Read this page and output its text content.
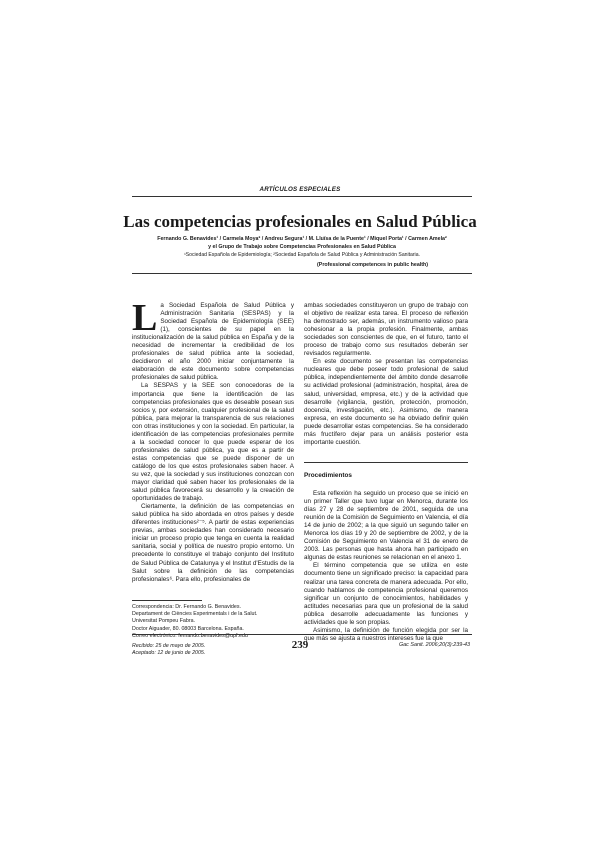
ARTÍCULOS ESPECIALES
Las competencias profesionales en Salud Pública
Fernando G. Benavides¹ / Carmela Moya² / Andreu Segura¹ / M. Lluïsa de la Puente¹ / Miquel Porta¹ / Carmen Amela²
y el Grupo de Trabajo sobre Competencias Profesionales en Salud Pública
¹Sociedad Española de Epidemiología; ²Sociedad Española de Salud Pública y Administración Sanitaria.
(Professional competences in public health)

La Sociedad Española de Salud Pública y Administración Sanitaria (SESPAS) y la Sociedad Española de Epidemiología (SEE) (1), conscientes de su papel en la institucionalización de la salud pública en España y de la necesidad de incrementar la credibilidad de los profesionales de salud pública ante la sociedad, decidieron el año 2000 iniciar conjuntamente la elaboración de este documento sobre competencias profesionales de salud pública.

La SESPAS y la SEE son conocedoras de la importancia que tiene la identificación de las competencias profesionales que es deseable posean sus socios y, por extensión, cualquier profesional de la salud pública, para mejorar la transparencia de sus relaciones con otras instituciones y con la sociedad. En particular, la identificación de las competencias profesionales permite a la sociedad conocer lo que puede esperar de los profesionales de salud pública, ya que es a partir de estas competencias que se puede disponer de un catálogo de los que estos profesionales saben hacer. A su vez, que la sociedad y sus instituciones conozcan con mayor claridad qué saben hacer los profesionales de la salud pública favorecerá su desarrollo y la creación de oportunidades de trabajo.

Ciertamente, la definición de las competencias en salud pública ha sido abordada en otros países y desde diferentes instituciones²⁻⁵. A partir de estas experiencias previas, ambas sociedades han considerado necesario iniciar un proceso propio que tenga en cuenta la realidad sanitaria, social y política de nuestro propio entorno. Un precedente lo constituye el trabajo conjunto del Instituto de Salud Pública de Catalunya y el Institut d'Estudis de la Salut sobre la definición de las competencias profesionales⁶. Para ello, profesionales de

ambas sociedades constituyeron un grupo de trabajo con el objetivo de realizar esta tarea. El proceso de reflexión ha demostrado ser, además, un instrumento valioso para cohesionar a la propia profesión. Finalmente, ambas sociedades son conscientes de que, en el futuro, tanto el proceso de trabajo como sus resultados deberán ser revisados regularmente.

En este documento se presentan las competencias nucleares que debe poseer todo profesional de salud pública, independientemente del ámbito donde desarrolle su actividad profesional (administración, hospital, área de salud, universidad, empresa, etc.) y de la actividad que desarrolle (vigilancia, gestión, protección, promoción, docencia, investigación, etc.). Asimismo, de manera expresa, en este documento se ha obviado definir quién puede desarrollar estas competencias. Se ha considerado más fructífero dejar para un análisis posterior esta importante cuestión.

Procedimientos

Esta reflexión ha seguido un proceso que se inició en un primer Taller que tuvo lugar en Menorca, durante los días 27 y 28 de septiembre de 2001, seguida de una reunión de la Comisión de Seguimiento en Valencia, el día 14 de junio de 2002; a la que siguió un segundo taller en Menorca los días 19 y 20 de septiembre de 2002, y de la Comisión de Seguimiento en Valencia el 31 de enero de 2003. Las personas que hasta ahora han participado en algunas de estas reuniones se relacionan en el anexo 1.

El término competencia que se utiliza en este documento tiene un significado preciso: la capacidad para realizar una tarea concreta de manera adecuada. Por ello, cuando hablamos de competencia profesional queremos significar un conjunto de conocimientos, habilidades y actitudes necesarias para que un profesional de la salud pública desarrolle adecuadamente las funciones y actividades que le son propias.

Asimismo, la definición de función elegida por ser la que más se ajusta a nuestros intereses fue la que

Correspondencia: Dr. Fernando G. Benavides.
Departament de Ciències Experimentals i de la Salut.
Universitat Pompeu Fabra.
Doctor Aiguader, 80. 08003 Barcelona. España.
Correo electrónico: fernando.benavides@upf.edu
Recibido: 25 de mayo de 2005.
Aceptado: 12 de junio de 2005.
239	Gac Sanit. 2006;20(3):239-43
